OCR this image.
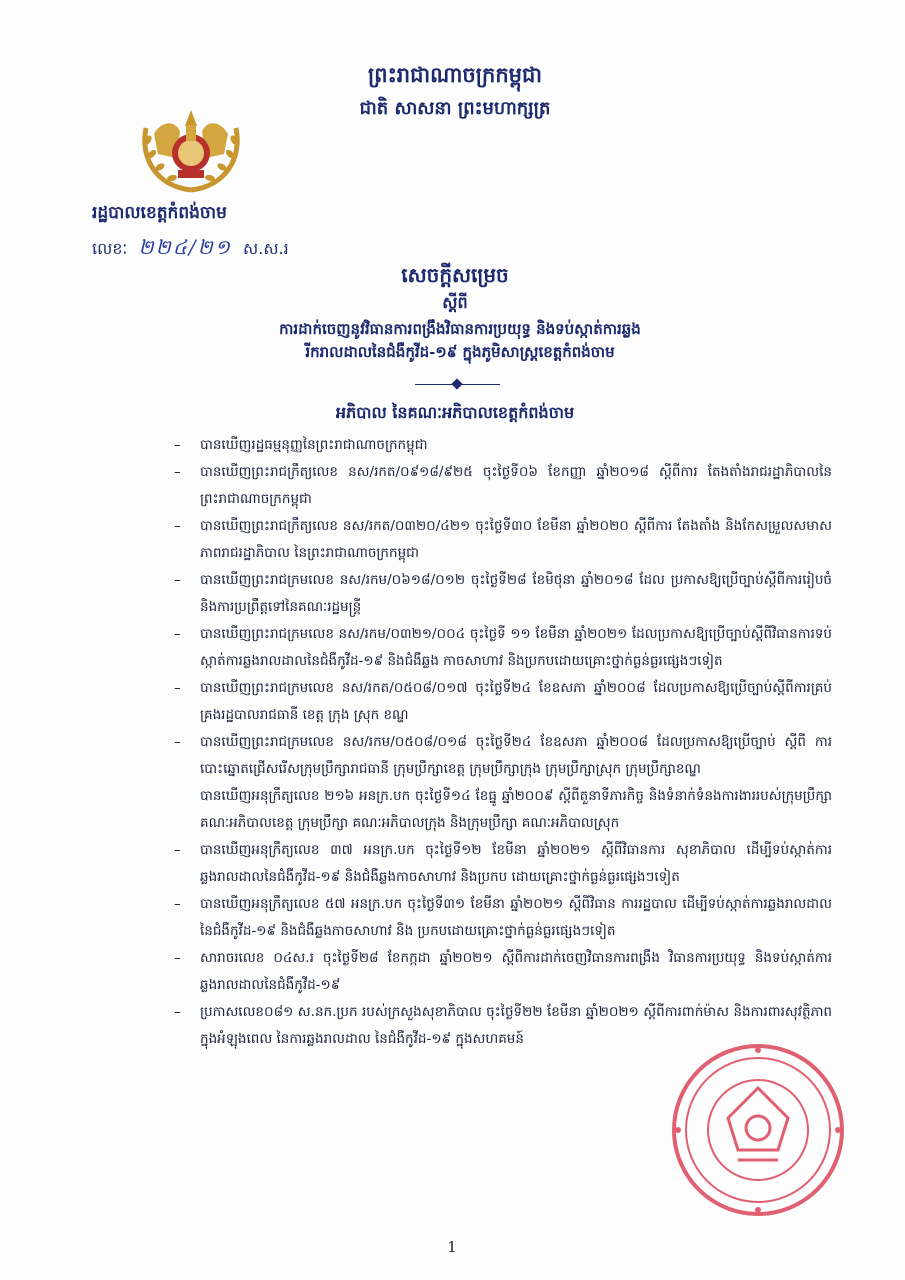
ព្រះរាជាណាចក្រកម្ពុជា
ជាតិ សាសនា ព្រះមហាក្សត្រ
រដ្ឋបាលខេត្តកំពង់ចាម
លេខៈ ២២៤/២១ ស.ស.រ
សេចក្ដីសម្រេច
ស្ដីពី
ការដាក់ចេញនូវវិធានការពង្រឹងវិធានការប្រយុទ្ធ និងទប់ស្កាត់ការឆ្លង
រីករាលដាលនៃជំងឺកូវីដ-១៩ ក្នុងភូមិសាស្ត្រខេត្តកំពង់ចាម
អភិបាល នៃគណៈអភិបាលខេត្តកំពង់ចាម
– បានឃើញរដ្ឋធម្មនុញ្ញនៃព្រះរាជាណាចក្រកម្ពុជា
– បានឃើញព្រះរាជក្រឹត្យលេខ នស/រកត/០៩១៨/៩២៥ ចុះថ្ងៃទី០៦ ខែកញ្ញា ឆ្នាំ២០១៨ ស្តីពីការ តែងតាំងរាជរដ្ឋាភិបាលនៃព្រះរាជាណាចក្រកម្ពុជា
– បានឃើញព្រះរាជក្រឹត្យលេខ នស/រកត/០៣២០/៤២១ ចុះថ្ងៃទី៣០ ខែមីនា ឆ្នាំ២០២០ ស្តីពីការ តែងតាំង និងកែសម្រួលសមាសភាពរាជរដ្ឋាភិបាល នៃព្រះរាជាណាចក្រកម្ពុជា
– បានឃើញព្រះរាជក្រមលេខ នស/រកម/០៦១៨/០១២ ចុះថ្ងៃទី២៨ ខែមិថុនា ឆ្នាំ២០១៨ ដែល ប្រកាសឱ្យប្រើច្បាប់ស្តីពីការរៀបចំ និងការប្រព្រឹត្តទៅនៃគណៈរដ្ឋមន្ត្រី
– បានឃើញព្រះរាជក្រមលេខ នស/រកម/០៣២១/០០៤ ចុះថ្ងៃទី ១១ ខែមីនា ឆ្នាំ២០២១ ដែលប្រកាសឱ្យប្រើច្បាប់ស្តីពីវិធានការទប់ស្កាត់ការឆ្លងរាលដាលនៃជំងឺកូវីដ-១៩ និងជំងឺឆ្លង កាចសាហាវ និងប្រកបដោយគ្រោះថ្នាក់ធ្ងន់ធ្ងរផ្សេងៗទៀត
– បានឃើញព្រះរាជក្រមលេខ នស/រកត/០៥០៨/០១៧ ចុះថ្ងៃទី២៤ ខែឧសភា ឆ្នាំ២០០៨ ដែលប្រកាសឱ្យប្រើច្បាប់ស្តីពីការគ្រប់គ្រងរដ្ឋបាលរាជធានី ខេត្ត ក្រុង ស្រុក ខណ្ឌ
– បានឃើញព្រះរាជក្រមលេខ នស/រកម/០៥០៨/០១៨ ចុះថ្ងៃទី២៤ ខែឧសភា ឆ្នាំ២០០៨ ដែលប្រកាសឱ្យប្រើច្បាប់ ស្តីពី ការបោះឆ្នោតជ្រើសរើសក្រុមប្រឹក្សារាជធានី ក្រុមប្រឹក្សាខេត្ត ក្រុមប្រឹក្សាក្រុង ក្រុមប្រឹក្សាស្រុក ក្រុមប្រឹក្សាខណ្ឌ
បានឃើញអនុក្រឹត្យលេខ ២១៦ អនក្រ.បក ចុះថ្ងៃទី១៤ ខែធ្នូ ឆ្នាំ២០០៩ ស្តីពីតួនាទីភារកិច្ច និងទំនាក់ទំនងការងាររបស់ក្រុមប្រឹក្សា គណៈអភិបាលខេត្ត ក្រុមប្រឹក្សា គណៈអភិបាលក្រុង និងក្រុមប្រឹក្សា គណៈអភិបាលស្រុក
– បានឃើញអនុក្រឹត្យលេខ ៣៧ អនក្រ.បក ចុះថ្ងៃទី១២ ខែមីនា ឆ្នាំ២០២១ ស្តីពីវិធានការ សុខាភិបាល ដើម្បីទប់ស្កាត់ការឆ្លងរាលដាលនៃជំងឺកូវីដ-១៩ និងជំងឺឆ្លងកាចសាហាវ និងប្រកប ដោយគ្រោះថ្នាក់ធ្ងន់ធ្ងរផ្សេងៗទៀត
– បានឃើញអនុក្រឹត្យលេខ ៥៧ អនក្រ.បក ចុះថ្ងៃទី៣១ ខែមីនា ឆ្នាំ២០២១ ស្តីពីវិធាន ការរដ្ឋបាល ដើម្បីទប់ស្កាត់ការឆ្លងរាលដាលនៃជំងឺកូវីដ-១៩ និងជំងឺឆ្លងកាចសាហាវ និង ប្រកបដោយគ្រោះថ្នាក់ធ្ងន់ធ្ងរផ្សេងៗទៀត
– សារាចរលេខ ០៤ស.រ ចុះថ្ងៃទី២៨ ខែកក្កដា ឆ្នាំ២០២១ ស្តីពីការដាក់ចេញវិធានការពង្រឹង វិធានការប្រយុទ្ធ និងទប់ស្កាត់ការឆ្លងរាលដាលនៃជំងឺកូវីដ-១៩
– ប្រកាសលេខ០៨១ ស.នក.ប្រក របស់ក្រសួងសុខាភិបាល ចុះថ្ងៃទី២២ ខែមីនា ឆ្នាំ២០២១ ស្តីពីការពាក់ម៉ាស និងការពារសុវត្ថិភាពក្នុងអំឡុងពេល នៃការឆ្លងរាលដាល នៃជំងឺកូវីដ-១៩ ក្នុងសហគមន៍
1
